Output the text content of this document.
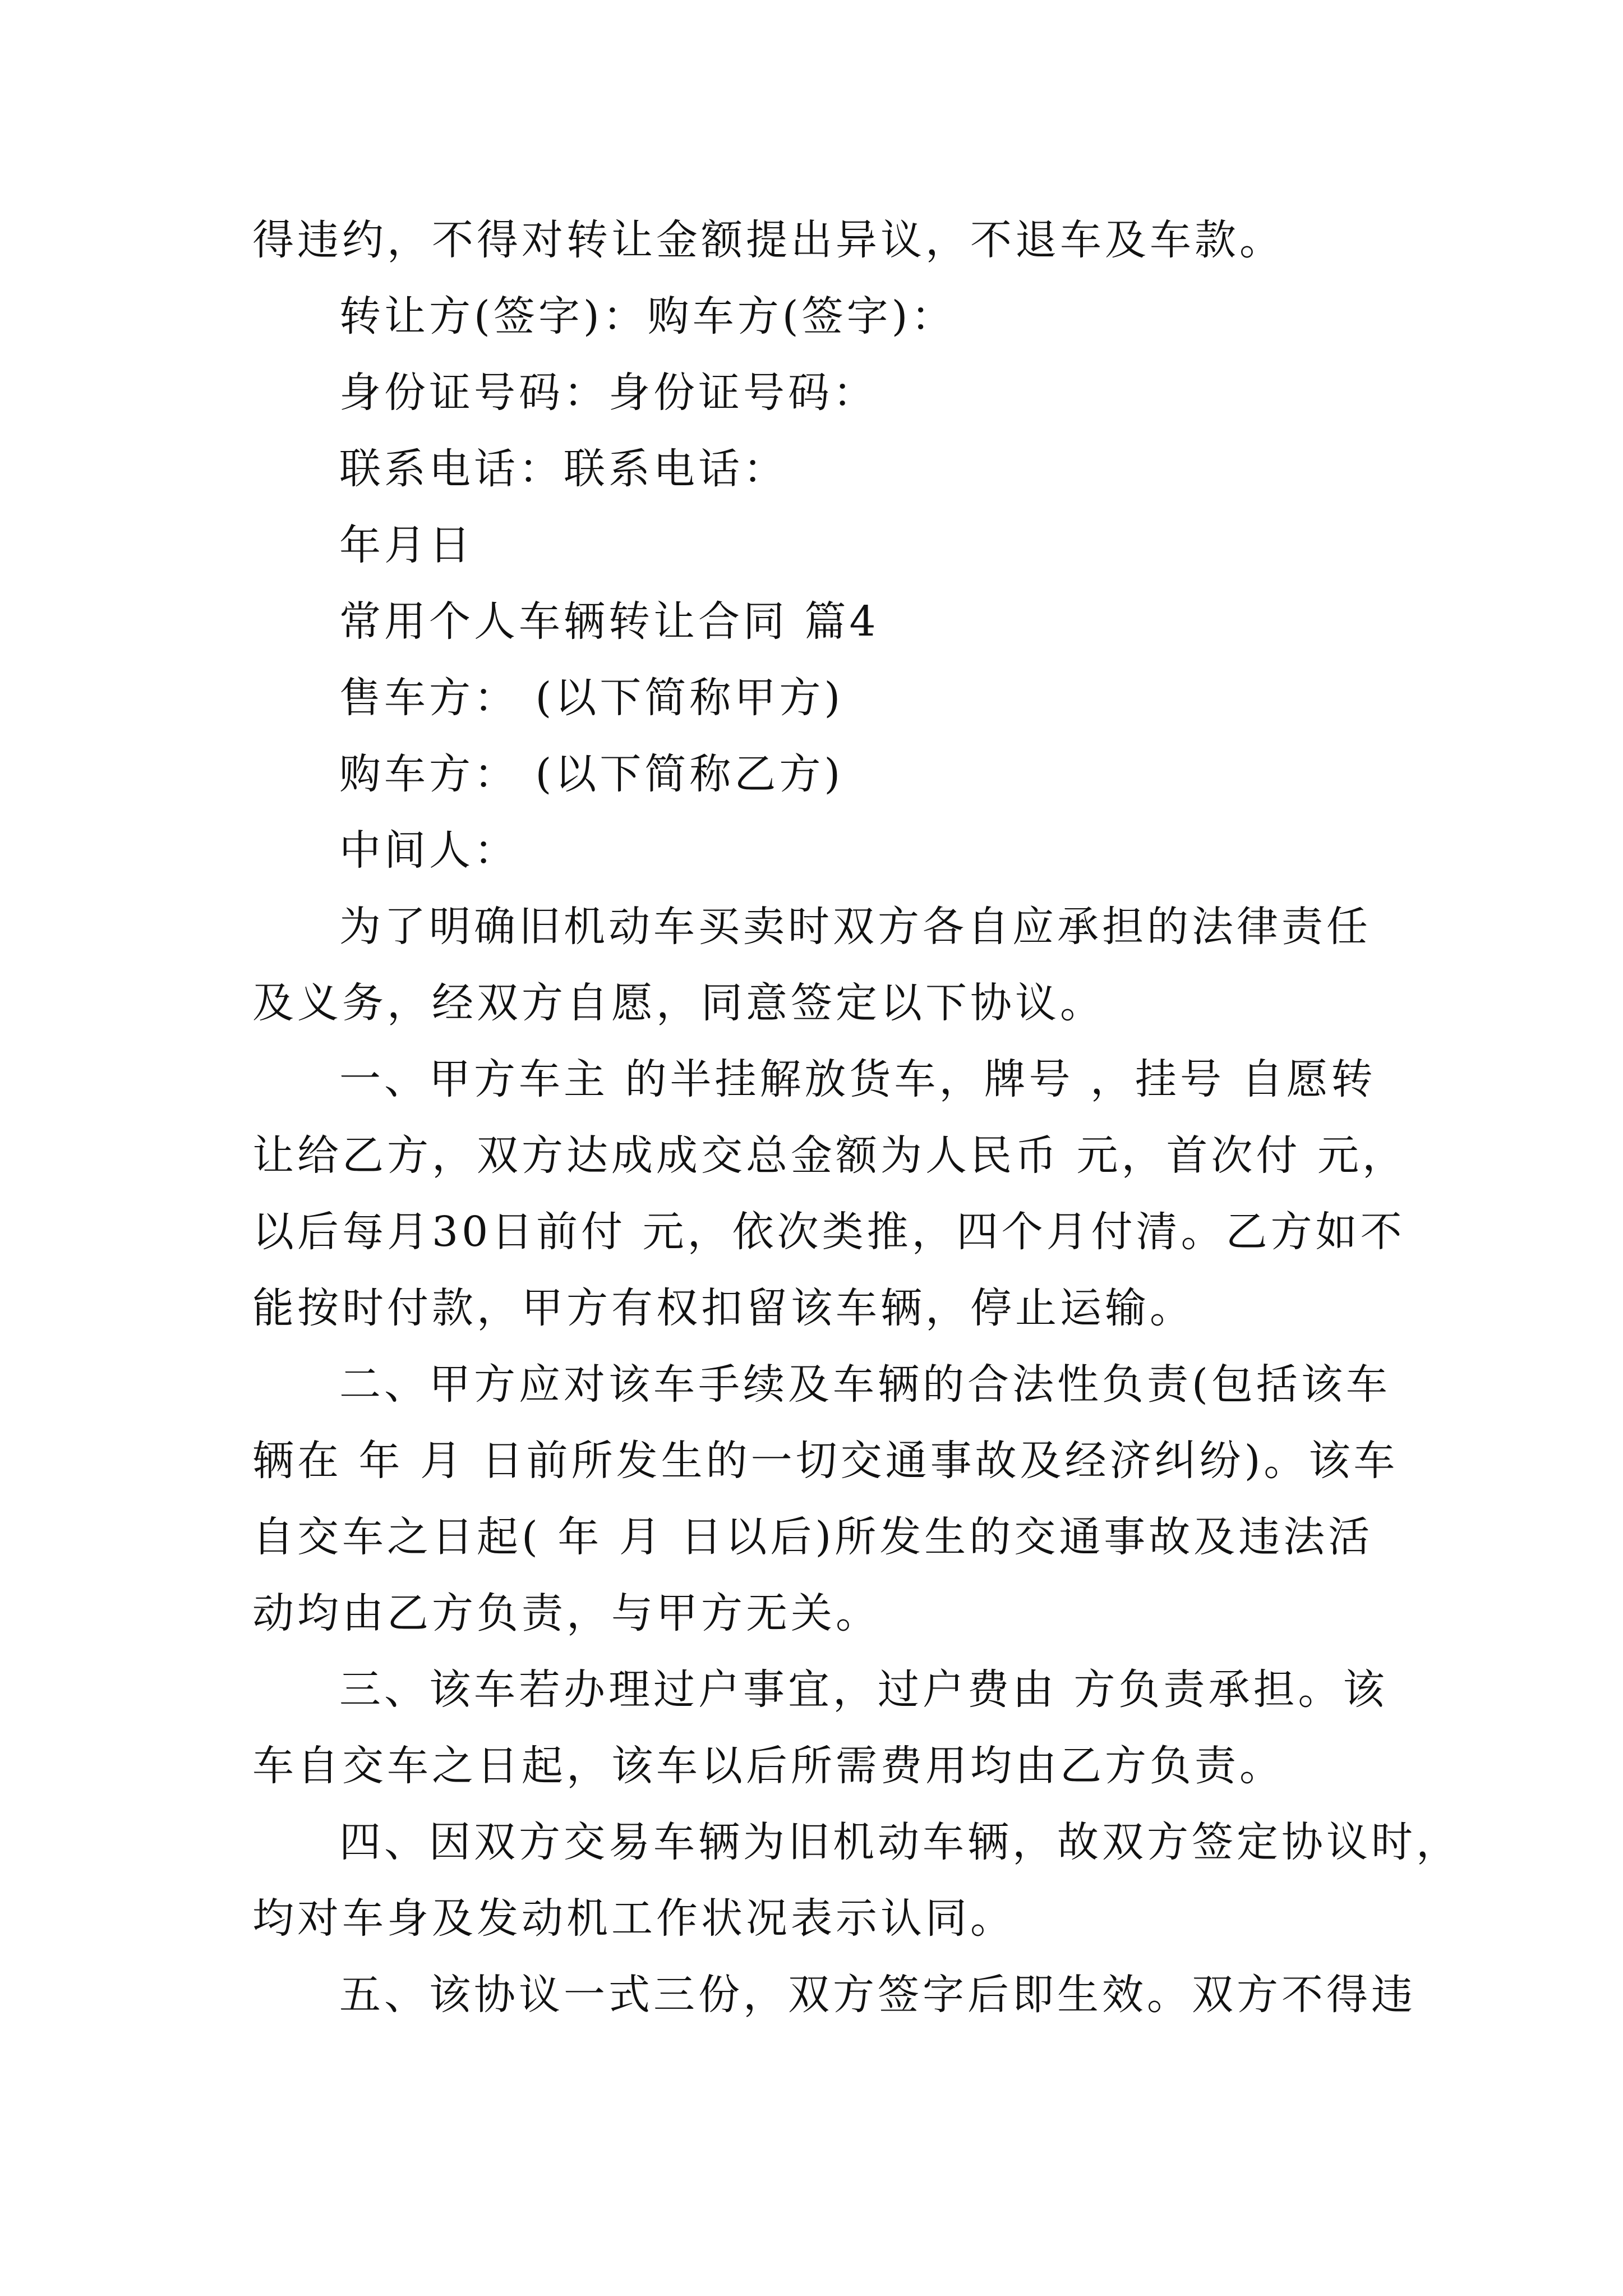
得违约，不得对转让金额提出异议，不退车及车款。
转让方(签字)：购车方(签字)：
身份证号码：身份证号码：
联系电话：联系电话：
年月日
常用个人车辆转让合同 篇4
售车方： (以下简称甲方)
购车方： (以下简称乙方)
中间人：
为了明确旧机动车买卖时双方各自应承担的法律责任
及义务，经双方自愿，同意签定以下协议。
一、甲方车主 的半挂解放货车，牌号 ，挂号 自愿转
让给乙方，双方达成成交总金额为人民币 元，首次付 元，
以后每月30日前付 元，依次类推，四个月付清。乙方如不
能按时付款，甲方有权扣留该车辆，停止运输。
二、甲方应对该车手续及车辆的合法性负责(包括该车
辆在 年 月 日前所发生的一切交通事故及经济纠纷)。该车
自交车之日起( 年 月 日以后)所发生的交通事故及违法活
动均由乙方负责，与甲方无关。
三、该车若办理过户事宜，过户费由 方负责承担。该
车自交车之日起，该车以后所需费用均由乙方负责。
四、因双方交易车辆为旧机动车辆，故双方签定协议时，
均对车身及发动机工作状况表示认同。
五、该协议一式三份，双方签字后即生效。双方不得违
